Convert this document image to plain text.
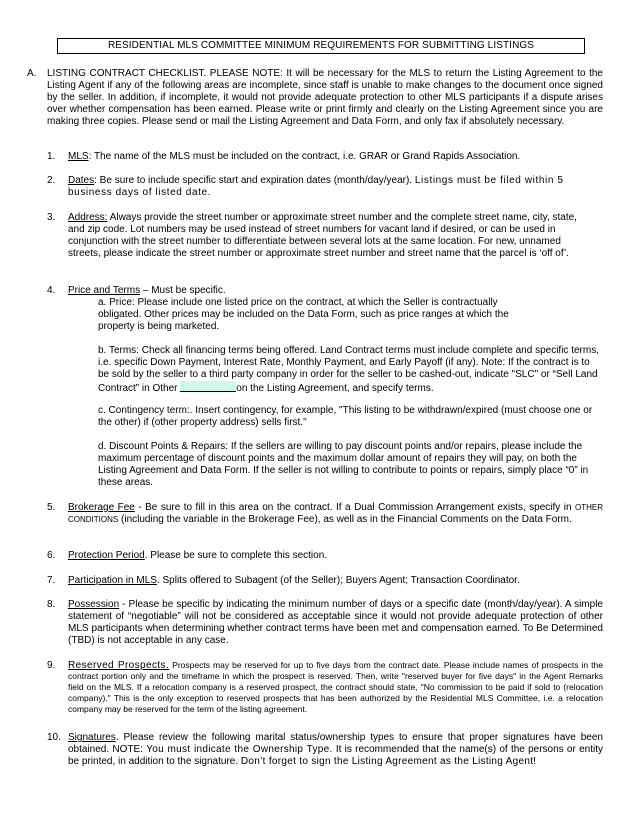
RESIDENTIAL MLS COMMITTEE MINIMUM REQUIREMENTS FOR SUBMITTING LISTINGS
A. LISTING CONTRACT CHECKLIST. PLEASE NOTE: It will be necessary for the MLS to return the Listing Agreement to the Listing Agent if any of the following areas are incomplete, since staff is unable to make changes to the document once signed by the seller. In addition, if incomplete, it would not provide adequate protection to other MLS participants if a dispute arises over whether compensation has been earned. Please write or print firmly and clearly on the Listing Agreement since you are making three copies. Please send or mail the Listing Agreement and Data Form, and only fax if absolutely necessary.
1. MLS: The name of the MLS must be included on the contract, i.e. GRAR or Grand Rapids Association.
2. Dates: Be sure to include specific start and expiration dates (month/day/year). Listings must be filed within 5 business days of listed date.
3. Address: Always provide the street number or approximate street number and the complete street name, city, state, and zip code. Lot numbers may be used instead of street numbers for vacant land if desired, or can be used in conjunction with the street number to differentiate between several lots at the same location. For new, unnamed streets, please indicate the street number or approximate street number and street name that the parcel is ‘off of’.
4. Price and Terms – Must be specific.
a. Price: Please include one listed price on the contract, at which the Seller is contractually obligated. Other prices may be included on the Data Form, such as price ranges at which the property is being marketed.
b. Terms: Check all financing terms being offered. Land Contract terms must include complete and specific terms, i.e. specific Down Payment, Interest Rate, Monthly Payment, and Early Payoff (if any). Note: If the contract is to be sold by the seller to a third party company in order for the seller to be cashed-out, indicate "SLC" or “Sell Land Contract” in Other	on the Listing Agreement, and specify terms.
c. Contingency term:. Insert contingency, for example, "This listing to be withdrawn/expired (must choose one or the other) if (other property address) sells first."
d. Discount Points & Repairs: If the sellers are willing to pay discount points and/or repairs, please include the maximum percentage of discount points and the maximum dollar amount of repairs they will pay, on both the Listing Agreement and Data Form. If the seller is not willing to contribute to points or repairs, simply place “0” in these areas.
5. Brokerage Fee - Be sure to fill in this area on the contract. If a Dual Commission Arrangement exists, specify in OTHER CONDITIONS (including the variable in the Brokerage Fee), as well as in the Financial Comments on the Data Form.
6. Protection Period. Please be sure to complete this section.
7. Participation in MLS. Splits offered to Subagent (of the Seller); Buyers Agent; Transaction Coordinator.
8. Possession - Please be specific by indicating the minimum number of days or a specific date (month/day/year). A simple statement of “negotiable” will not be considered as acceptable since it would not provide adequate protection of other MLS participants when determining whether contract terms have been met and compensation earned. To Be Determined (TBD) is not acceptable in any case.
9. Reserved Prospects. Prospects may be reserved for up to five days from the contract date. Please include names of prospects in the contract portion only and the timeframe in which the prospect is reserved. Then, write "reserved buyer for five days" in the Agent Remarks field on the MLS. If a relocation company is a reserved prospect, the contract should state, "No commission to be paid if sold to (relocation company)." This is the only exception to reserved prospects that has been authorized by the Residential MLS Committee, i.e. a relocation company may be reserved for the term of the listing agreement.
10. Signatures. Please review the following marital status/ownership types to ensure that proper signatures have been obtained. NOTE: You must indicate the Ownership Type. It is recommended that the name(s) of the persons or entity be printed, in addition to the signature. Don’t forget to sign the Listing Agreement as the Listing Agent!
